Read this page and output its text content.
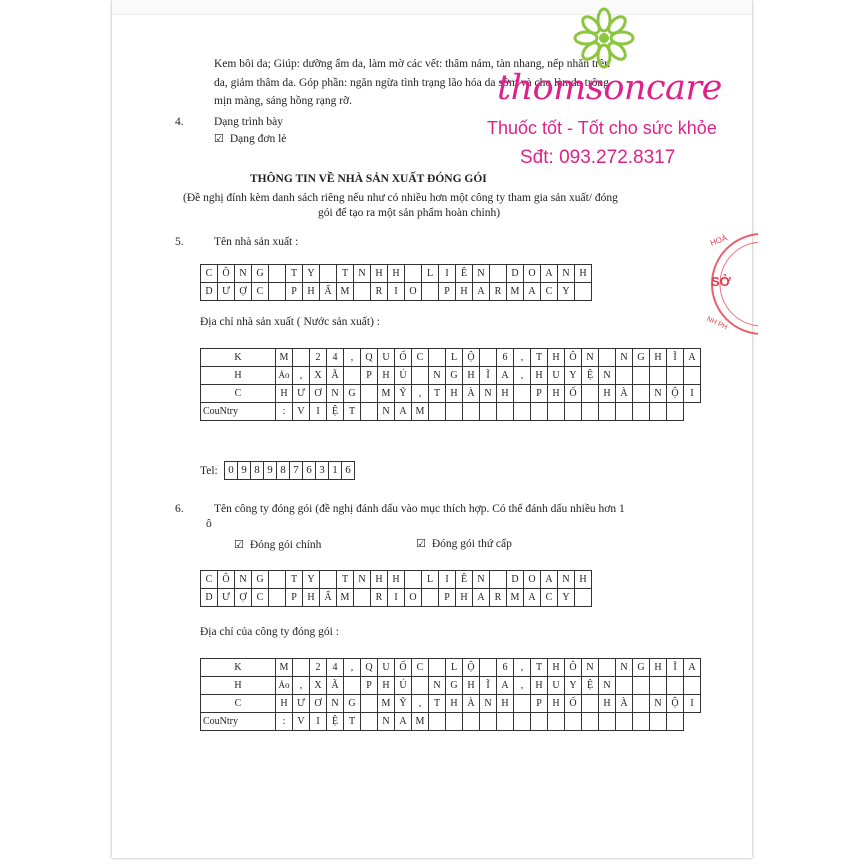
Kem bôi da; Giúp: dưỡng ẩm da, làm mờ các vết: thâm nám, tàn nhang, nếp nhăn trên
da, giảm thâm da. Góp phần: ngăn ngừa tình trạng lão hóa da sớm và cho làn da trông
mịn màng, sáng hồng rạng rỡ.
4.	Dạng trình bày
☑ Dạng đơn lẻ
THÔNG TIN VỀ NHÀ SẢN XUẤT ĐÓNG GÓI
(Đề nghị đính kèm danh sách riêng nếu như có nhiều hơn một công ty tham gia sản xuất/ đóng
gói để tạo ra một sản phẩm hoàn chỉnh)
5.	Tên nhà sản xuất :
C	Ô	N	G		T	Y		T	N	H	H		L	I	Ê	N		D	O	A	N	H
D	Ư	Ợ	C		P	H	Ẩ	M		R	I	O		P	H	A	R	M	A	C	Y	
Địa chỉ nhà sản xuất ( Nước sản xuất) :
K	M		2	4	,	Q	U	Ố	C		L	Ộ		6	,	T	H	Ô	N		N	G	H	Ĩ	A
H	Ảo	,	X	Ã		P	H	Ú		N	G	H	Ĩ	A	,	H	U	Y	Ệ	N					
C	H	Ư	Ơ	N	G		M	Ỹ	,	T	H	À	N	H		P	H	Ố		H	À		N	Ộ	I
CouNtry	:	V	I	Ệ	T		N	A	M																
Tel: 0	9	8	9	8	7	6	3	1	6
6.	Tên công ty đóng gói (đề nghị đánh dấu vào mục thích hợp. Có thể đánh dấu nhiều hơn 1
ô
☑ Đóng gói chính	☑ Đóng gói thứ cấp
C	Ô	N	G		T	Y		T	N	H	H		L	I	Ê	N		D	O	A	N	H
D	Ư	Ợ	C		P	H	Ẩ	M		R	I	O		P	H	A	R	M	A	C	Y	
Địa chỉ của công ty đóng gói :
K	M		2	4	,	Q	U	Ố	C		L	Ộ		6	,	T	H	Ô	N		N	G	H	Ĩ	A
H	Ảo	,	X	Ã		P	H	Ú		N	G	H	Ĩ	A	,	H	U	Y	Ệ	N					
C	H	Ư	Ơ	N	G		M	Ỹ	,	T	H	À	N	H		P	H	Ố		H	À		N	Ộ	I
CouNtry	:	V	I	Ệ	T		N	A	M																
thomsoncare
Thuốc tốt - Tốt cho sức khỏe
Sđt: 093.272.8317
HOÀ
SỞ
NH PH
